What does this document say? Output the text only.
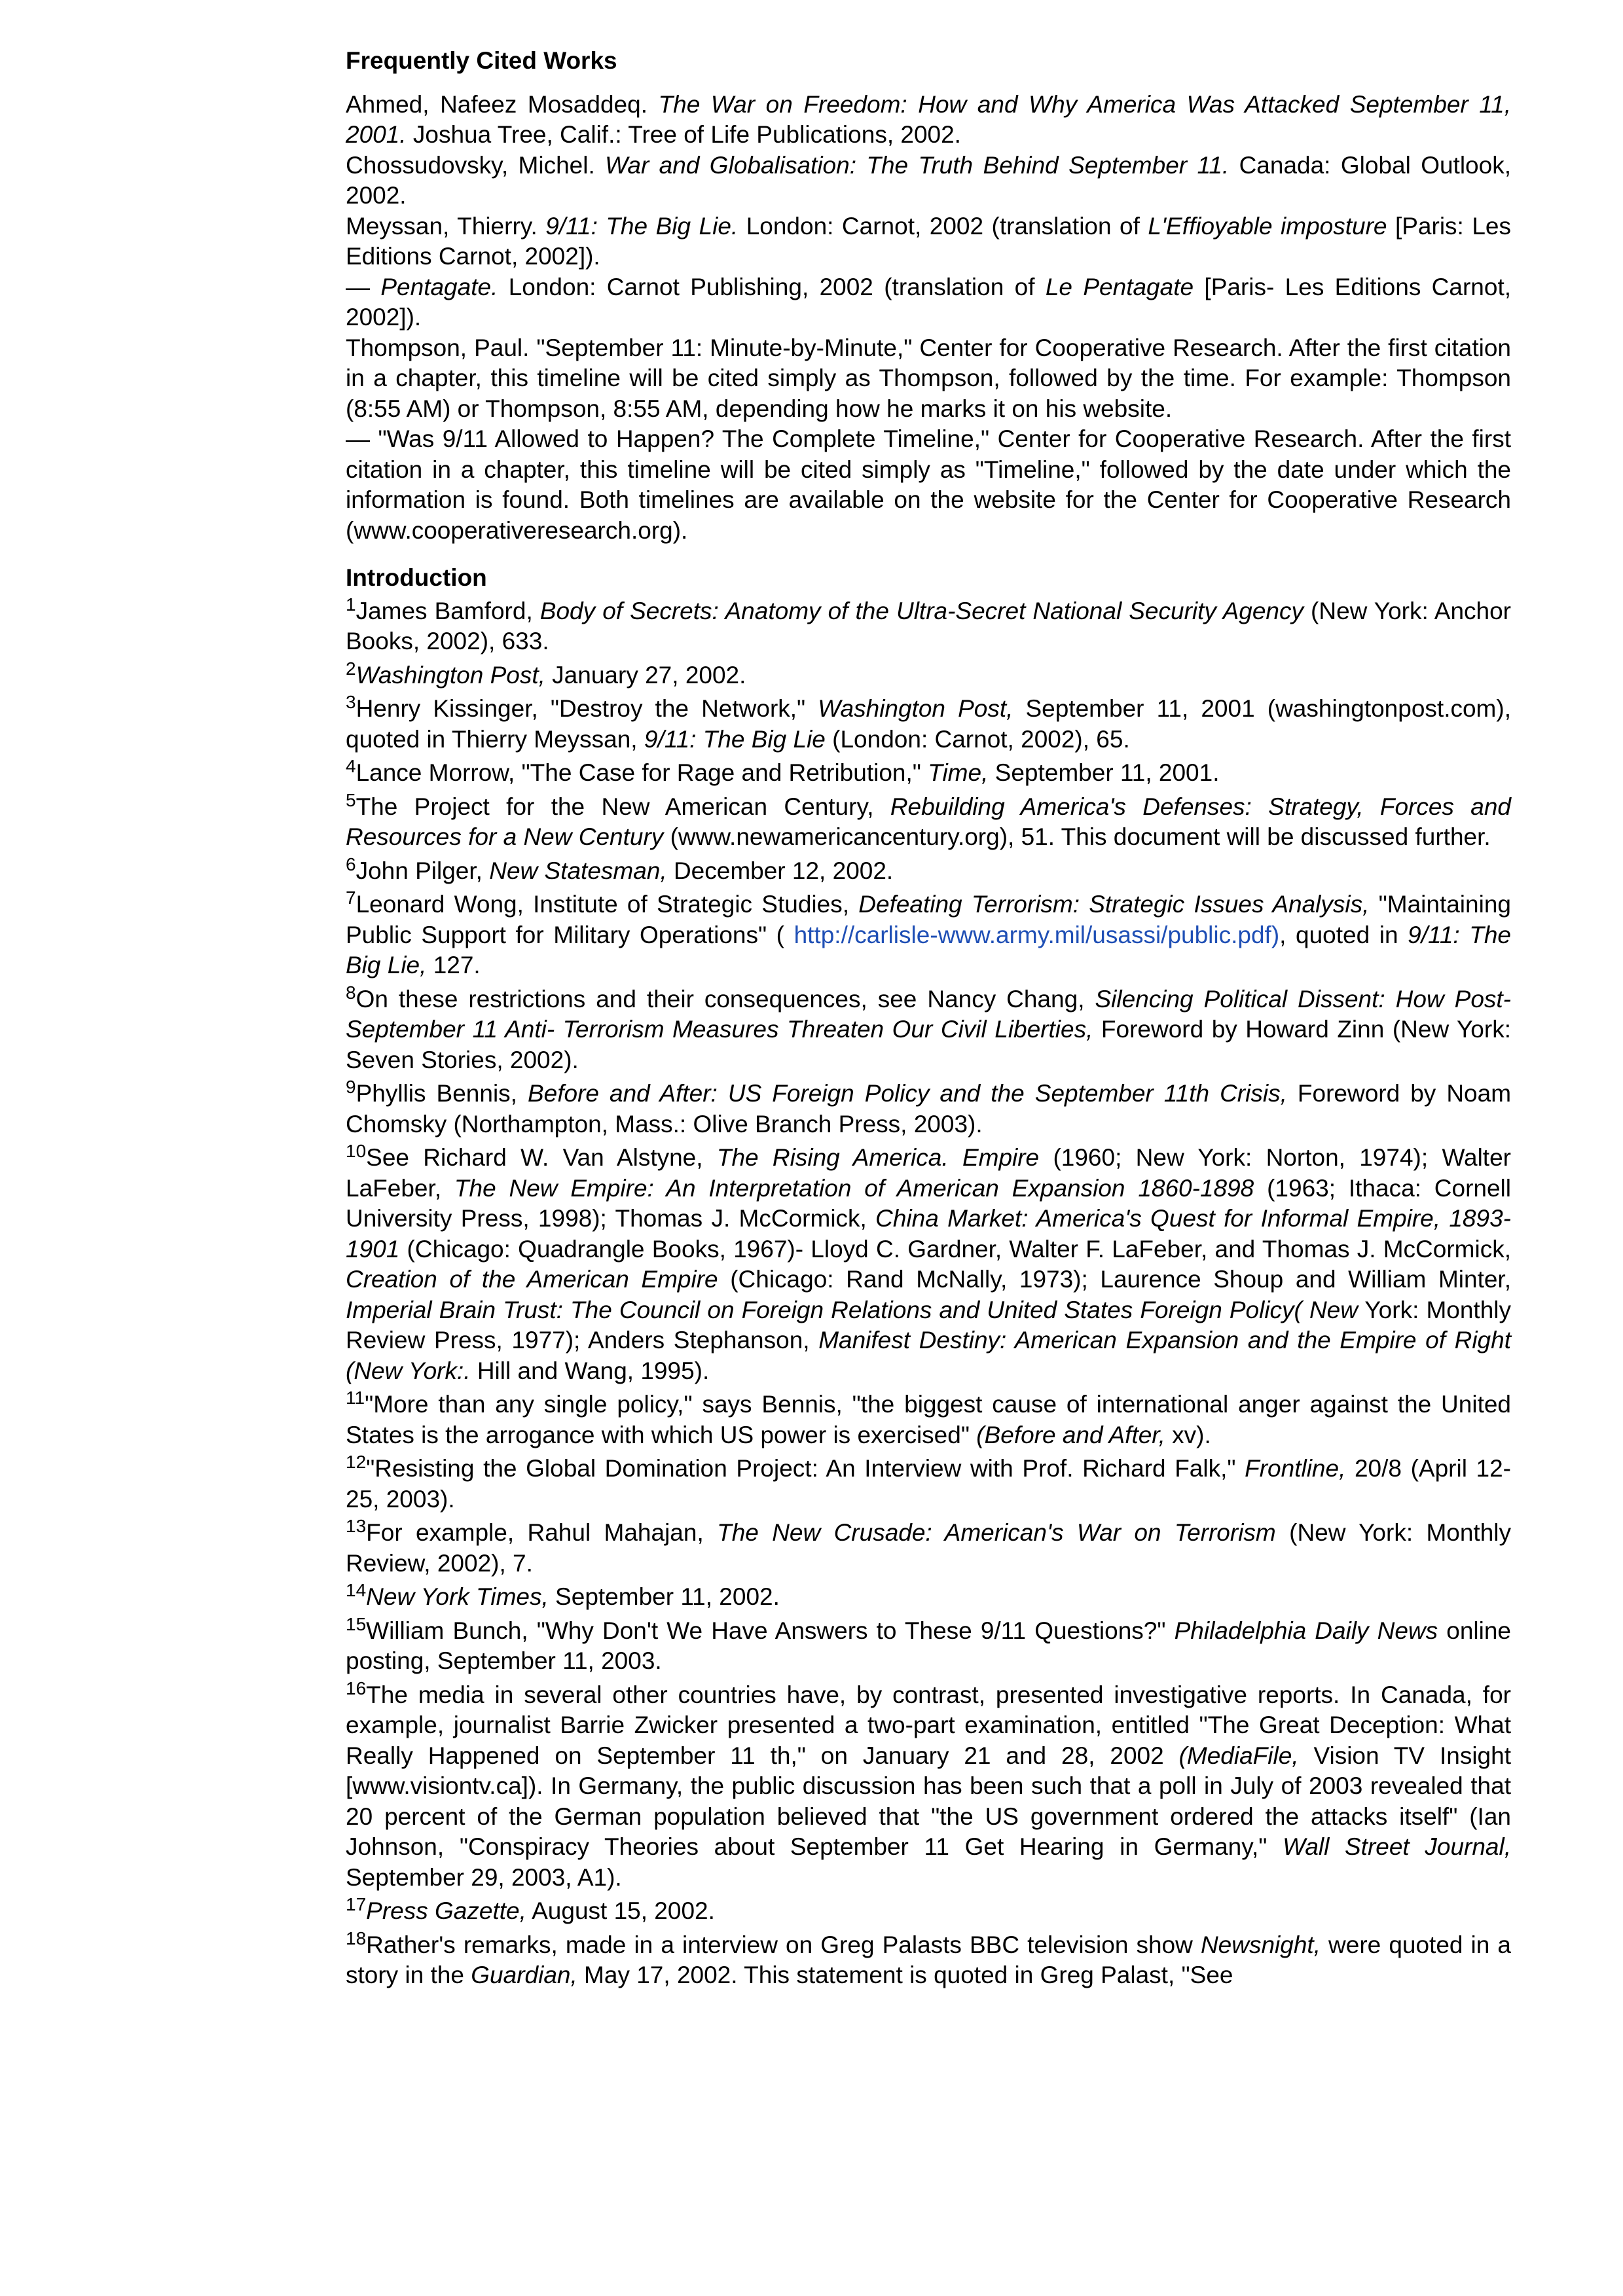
Frequently Cited Works

Ahmed, Nafeez Mosaddeq. The War on Freedom: How and Why America Was Attacked September 11, 2001. Joshua Tree, Calif.: Tree of Life Publications, 2002.

Chossudovsky, Michel. War and Globalisation: The Truth Behind September 11. Canada: Global Outlook, 2002.

Meyssan, Thierry. 9/11: The Big Lie. London: Carnot, 2002 (translation of L'Effioyable imposture [Paris: Les Editions Carnot, 2002]).

— Pentagate. London: Carnot Publishing, 2002 (translation of Le Pentagate [Paris- Les Editions Carnot, 2002]).

Thompson, Paul. "September 11: Minute-by-Minute," Center for Cooperative Research. After the first citation in a chapter, this timeline will be cited simply as Thompson, followed by the time. For example: Thompson (8:55 AM) or Thompson, 8:55 AM, depending how he marks it on his website.

— "Was 9/11 Allowed to Happen? The Complete Timeline," Center for Cooperative Research. After the first citation in a chapter, this timeline will be cited simply as "Timeline," followed by the date under which the information is found. Both timelines are available on the website for the Center for Cooperative Research (www.cooperativeresearch.org).

Introduction

$^1$James Bamford, Body of Secrets: Anatomy of the Ultra-Secret National Security Agency (New York: Anchor Books, 2002), 633.

$^2$Washington Post, January 27, 2002.

$^3$Henry Kissinger, "Destroy the Network," Washington Post, September 11, 2001 (washingtonpost.com), quoted in Thierry Meyssan, 9/11: The Big Lie (London: Carnot, 2002), 65.

$^4$Lance Morrow, "The Case for Rage and Retribution," Time, September 11, 2001.

$^5$The Project for the New American Century, Rebuilding America's Defenses: Strategy, Forces and Resources for a New Century (www.newamericancentury.org), 51. This document will be discussed further.

$^6$John Pilger, New Statesman, December 12, 2002.

$^7$Leonard Wong, Institute of Strategic Studies, Defeating Terrorism: Strategic Issues Analysis, "Maintaining Public Support for Military Operations" ( http://carlisle-www.army.mil/usassi/public.pdf), quoted in 9/11: The Big Lie, 127.

$^8$On these restrictions and their consequences, see Nancy Chang, Silencing Political Dissent: How Post-September 11 Anti- Terrorism Measures Threaten Our Civil Liberties, Foreword by Howard Zinn (New York: Seven Stories, 2002).

$^9$Phyllis Bennis, Before and After: US Foreign Policy and the September 11th Crisis, Foreword by Noam Chomsky (Northampton, Mass.: Olive Branch Press, 2003).

$^{10}$See Richard W. Van Alstyne, The Rising America. Empire (1960; New York: Norton, 1974); Walter LaFeber, The New Empire: An Interpretation of American Expansion 1860-1898 (1963; Ithaca: Cornell University Press, 1998); Thomas J. McCormick, China Market: America's Quest for Informal Empire, 1893-1901 (Chicago: Quadrangle Books, 1967)- Lloyd C. Gardner, Walter F. LaFeber, and Thomas J. McCormick, Creation of the American Empire (Chicago: Rand McNally, 1973); Laurence Shoup and William Minter, Imperial Brain Trust: The Council on Foreign Relations and United States Foreign Policy( New York: Monthly Review Press, 1977); Anders Stephanson, Manifest Destiny: American Expansion and the Empire of Right (New York:. Hill and Wang, 1995).

$^{11}$"More than any single policy," says Bennis, "the biggest cause of international anger against the United States is the arrogance with which US power is exercised" (Before and After, xv).

$^{12}$"Resisting the Global Domination Project: An Interview with Prof. Richard Falk," Frontline, 20/8 (April 12-25, 2003).

$^{13}$For example, Rahul Mahajan, The New Crusade: American's War on Terrorism (New York: Monthly Review, 2002), 7.

$^{14}$New York Times, September 11, 2002.

$^{15}$William Bunch, "Why Don't We Have Answers to These 9/11 Questions?" Philadelphia Daily News online posting, September 11, 2003.

$^{16}$The media in several other countries have, by contrast, presented investigative reports. In Canada, for example, journalist Barrie Zwicker presented a two-part examination, entitled "The Great Deception: What Really Happened on September 11 th," on January 21 and 28, 2002 (MediaFile, Vision TV Insight [www.visiontv.ca]). In Germany, the public discussion has been such that a poll in July of 2003 revealed that 20 percent of the German population believed that "the US government ordered the attacks itself" (Ian Johnson, "Conspiracy Theories about September 11 Get Hearing in Germany," Wall Street Journal, September 29, 2003, A1).

$^{17}$Press Gazette, August 15, 2002.

$^{18}$Rather's remarks, made in a interview on Greg Palasts BBC television show Newsnight, were quoted in a story in the Guardian, May 17, 2002. This statement is quoted in Greg Palast, "See
